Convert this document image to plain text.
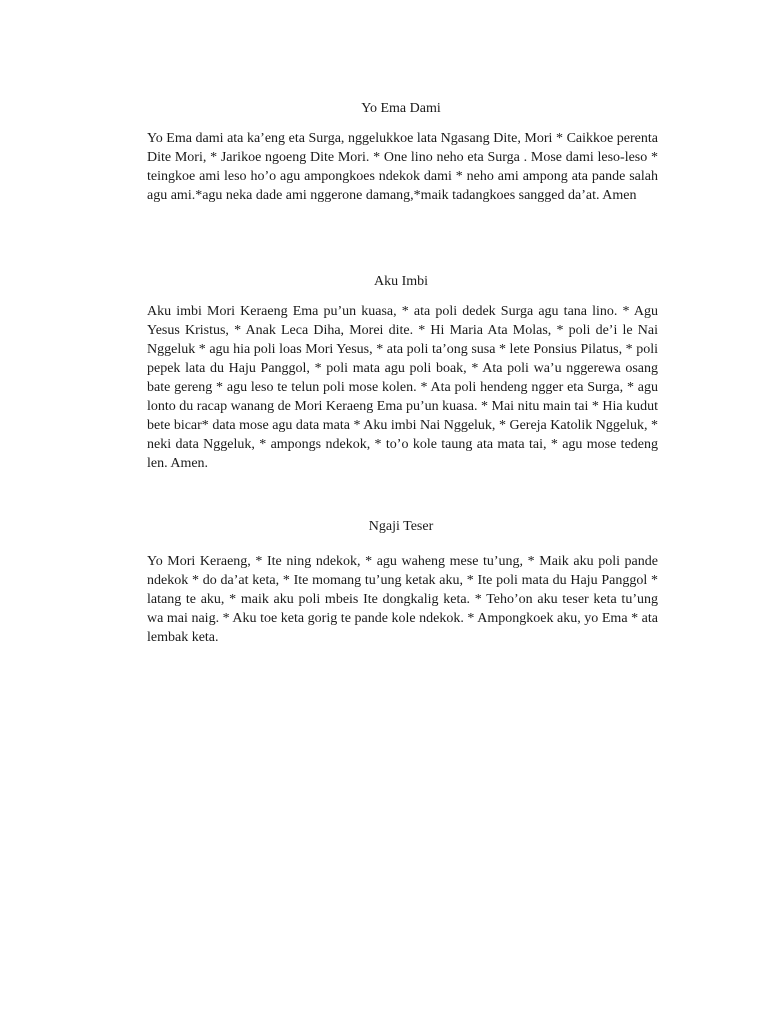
Yo Ema Dami

Yo Ema dami ata ka’eng eta Surga, nggelukkoe lata Ngasang Dite, Mori * Caikkoe perenta Dite Mori, * Jarikoe ngoeng Dite Mori. * One lino neho eta Surga . Mose dami leso-leso * teingkoe ami leso ho’o agu ampongkoes ndekok dami * neho ami ampong ata pande salah agu ami.*agu neka dade ami nggerone damang,*maik tadangkoes sangged da’at. Amen

Aku Imbi

Aku imbi Mori Keraeng Ema pu’un kuasa, * ata poli dedek Surga agu tana lino. * Agu Yesus Kristus, * Anak Leca Diha, Morei dite. * Hi Maria Ata Molas, * poli de’i le Nai Nggeluk * agu hia poli loas Mori Yesus, * ata poli ta’ong susa * lete Ponsius Pilatus, * poli pepek lata du Haju Panggol, * poli mata agu poli boak, * Ata poli wa’u nggerewa osang bate gereng * agu leso te telun poli mose kolen. * Ata poli hendeng ngger eta Surga, * agu lonto du racap wanang de Mori Keraeng Ema pu’un kuasa. * Mai nitu main tai * Hia kudut bete bicar* data mose agu data mata * Aku imbi Nai Nggeluk, * Gereja Katolik Nggeluk, * neki data Nggeluk, * ampongs ndekok, * to’o kole taung ata mata tai, * agu mose tedeng len. Amen.

Ngaji Teser

Yo Mori Keraeng, * Ite ning ndekok, * agu waheng mese tu’ung, * Maik aku poli pande ndekok * do da’at keta, * Ite momang tu’ung ketak aku, * Ite poli mata du Haju Panggol * latang te aku, * maik aku poli mbeis Ite dongkalig keta. * Teho’on aku teser keta tu’ung wa mai naig. * Aku toe keta gorig te pande kole ndekok. * Ampongkoek aku, yo Ema * ata lembak keta.
